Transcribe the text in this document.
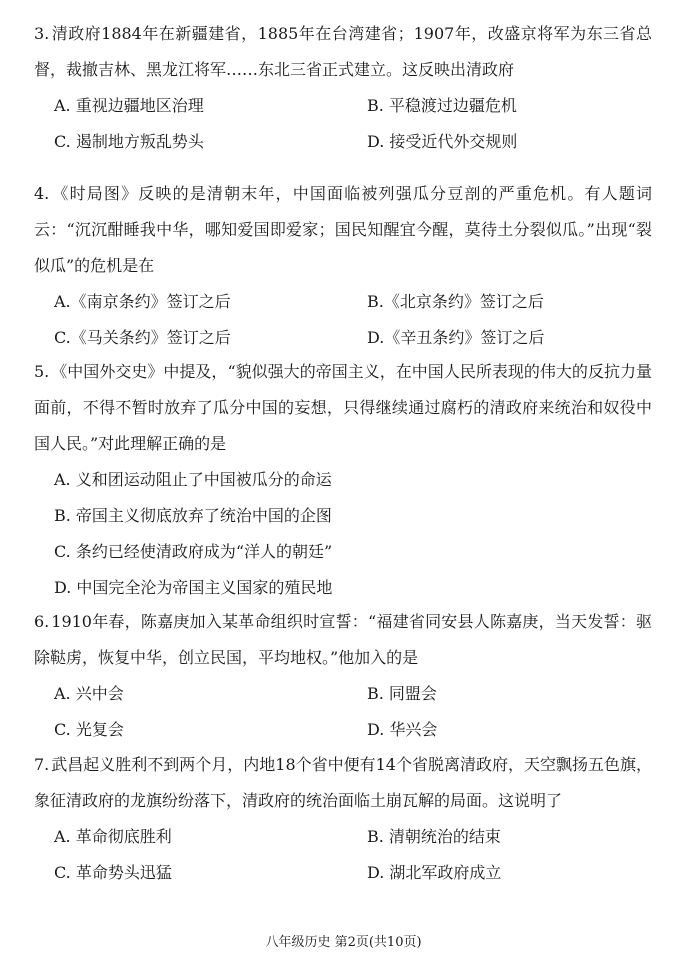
3. 清政府1884年在新疆建省，1885年在台湾建省；1907年，改盛京将军为东三省总督，裁撤吉林、黑龙江将军……东北三省正式建立。这反映出清政府
A. 重视边疆地区治理	B. 平稳渡过边疆危机
C. 遏制地方叛乱势头	D. 接受近代外交规则
4. 《时局图》反映的是清朝末年，中国面临被列强瓜分豆剖的严重危机。有人题词云：“沉沉酣睡我中华，哪知爱国即爱家；国民知醒宜今醒，莫待土分裂似瓜。”出现“裂似瓜”的危机是在
A.《南京条约》签订之后	B.《北京条约》签订之后
C.《马关条约》签订之后	D.《辛丑条约》签订之后
5. 《中国外交史》中提及，“貌似强大的帝国主义，在中国人民所表现的伟大的反抗力量面前，不得不暂时放弃了瓜分中国的妄想，只得继续通过腐朽的清政府来统治和奴役中国人民。”对此理解正确的是
A. 义和团运动阻止了中国被瓜分的命运
B. 帝国主义彻底放弃了统治中国的企图
C. 条约已经使清政府成为“洋人的朝廷”
D. 中国完全沦为帝国主义国家的殖民地
6. 1910年春，陈嘉庚加入某革命组织时宣誓：“福建省同安县人陈嘉庚，当天发誓：驱除鞑虏，恢复中华，创立民国，平均地权。”他加入的是
A. 兴中会	B. 同盟会
C. 光复会	D. 华兴会
7. 武昌起义胜利不到两个月，内地18个省中便有14个省脱离清政府，天空飘扬五色旗，象征清政府的龙旗纷纷落下，清政府的统治面临土崩瓦解的局面。这说明了
A. 革命彻底胜利	B. 清朝统治的结束
C. 革命势头迅猛	D. 湖北军政府成立
八年级历史 第2页(共10页)
